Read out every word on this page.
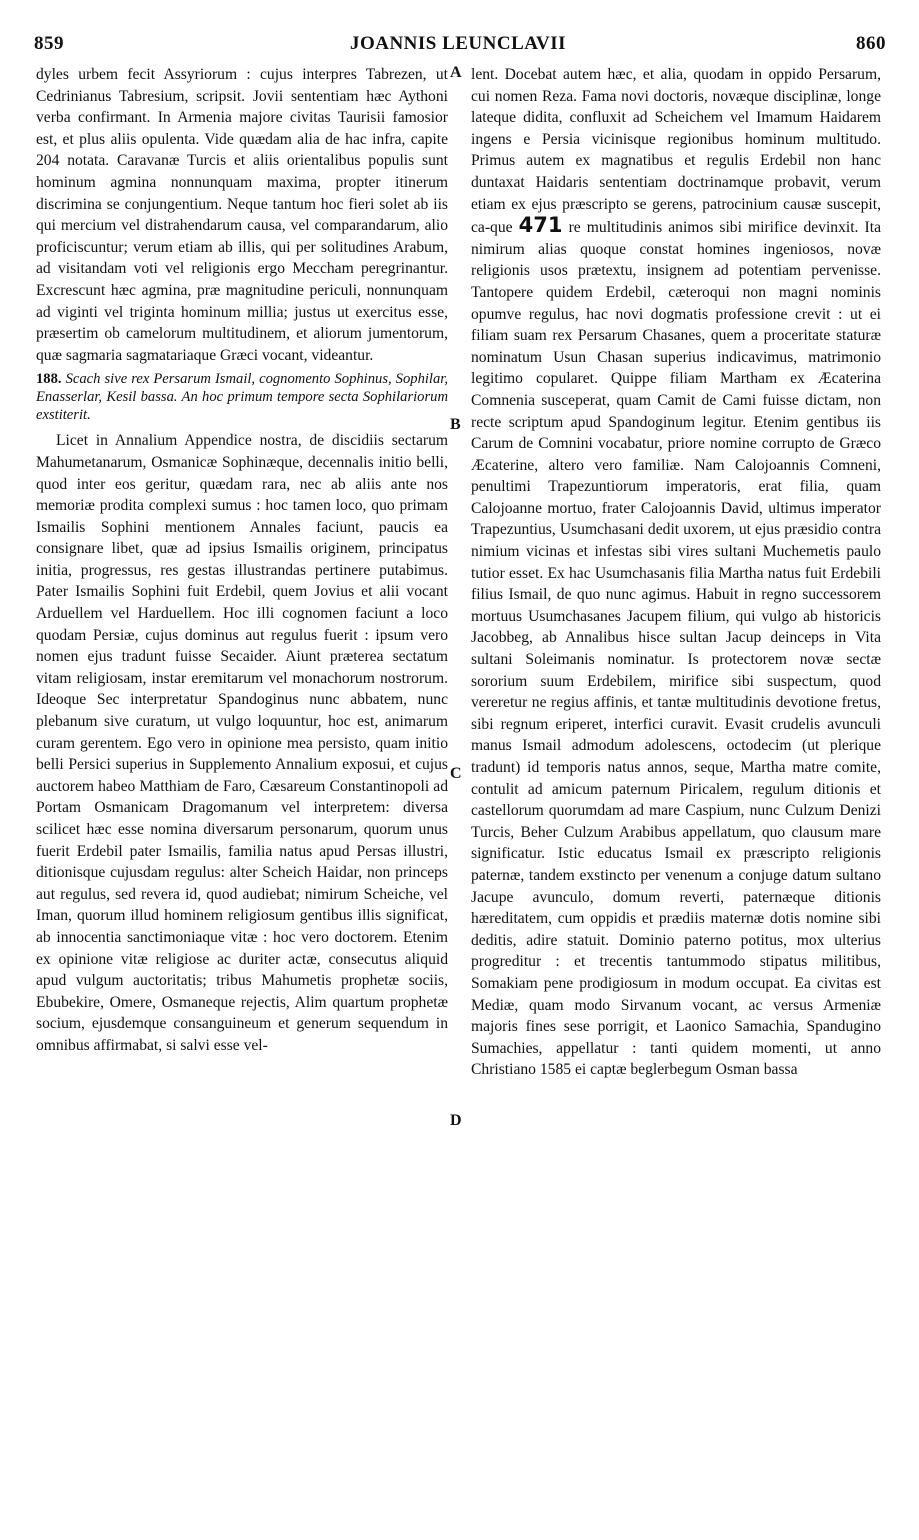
859	JOANNIS LEUNCLAVII	860
A
B
C
D

dyles urbem fecit Assyriorum : cujus interpres Tabrezen, ut Cedrinianus Tabresium, scripsit. Jovii sententiam hæc Aythoni verba confirmant. In Armenia majore civitas Taurisii famosior est, et plus aliis opulenta. Vide quædam alia de hac infra, capite 204 notata. Caravanæ Turcis et aliis orientalibus populis sunt hominum agmina nonnunquam maxima, propter itinerum discrimina se conjungentium. Neque tantum hoc fieri solet ab iis qui mercium vel distrahendarum causa, vel comparandarum, alio proficiscuntur; verum etiam ab illis, qui per solitudines Arabum, ad visitandam voti vel religionis ergo Meccham peregrinantur. Excrescunt hæc agmina, præ magnitudine periculi, nonnunquam ad viginti vel triginta hominum millia; justus ut exercitus esse, præsertim ob camelorum multitudinem, et aliorum jumentorum, quæ sagmaria sagmatariaque Græci vocant, videantur.

188. Scach sive rex Persarum Ismail, cognomento Sophinus, Sophilar, Enasserlar, Kesil bassa. An hoc primum tempore secta Sophilariorum exstiterit.

Licet in Annalium Appendice nostra, de discidiis sectarum Mahumetanarum, Osmanicæ Sophinæque, decennalis initio belli, quod inter eos geritur, quædam rara, nec ab aliis ante nos memoriæ prodita complexi sumus : hoc tamen loco, quo primam Ismailis Sophini mentionem Annales faciunt, paucis ea consignare libet, quæ ad ipsius Ismailis originem, principatus initia, progressus, res gestas illustrandas pertinere putabimus. Pater Ismailis Sophini fuit Erdebil, quem Jovius et alii vocant Arduellem vel Harduellem. Hoc illi cognomen faciunt a loco quodam Persiæ, cujus dominus aut regulus fuerit : ipsum vero nomen ejus tradunt fuisse Secaider. Aiunt præterea sectatum vitam religiosam, instar eremitarum vel monachorum nostrorum. Ideoque Sec interpretatur Spandoginus nunc abbatem, nunc plebanum sive curatum, ut vulgo loquuntur, hoc est, animarum curam gerentem. Ego vero in opinione mea persisto, quam initio belli Persici superius in Supplemento Annalium exposui, et cujus auctorem habeo Matthiam de Faro, Cæsareum Constantinopoli ad Portam Osmanicam Dragomanum vel interpretem: diversa scilicet hæc esse nomina diversarum personarum, quorum unus fuerit Erdebil pater Ismailis, familia natus apud Persas illustri, ditionisque cujusdam regulus: alter Scheich Haidar, non princeps aut regulus, sed revera id, quod audiebat; nimirum Scheiche, vel Iman, quorum illud hominem religiosum gentibus illis significat, ab innocentia sanctimoniaque vitæ : hoc vero doctorem. Etenim ex opinione vitæ religiose ac duriter actæ, consecutus aliquid apud vulgum auctoritatis; tribus Mahumetis prophetæ sociis, Ebubekire, Omere, Osmaneque rejectis, Alim quartum prophetæ socium, ejusdemque consanguineum et generum sequendum in omnibus affirmabat, si salvi esse vel-

lent. Docebat autem hæc, et alia, quodam in oppido Persarum, cui nomen Reza. Fama novi doctoris, novæque disciplinæ, longe lateque didita, confluxit ad Scheichem vel Imamum Haidarem ingens e Persia vicinisque regionibus hominum multitudo. Primus autem ex magnatibus et regulis Erdebil non hanc duntaxat Haidaris sententiam doctrinamque probavit, verum etiam ex ejus præscripto se gerens, patrocinium causæ suscepit, ca-que 471 re multitudinis animos sibi mirifice devinxit. Ita nimirum alias quoque constat homines ingeniosos, novæ religionis usos prætextu, insignem ad potentiam pervenisse. Tantopere quidem Erdebil, cæteroqui non magni nominis opumve regulus, hac novi dogmatis professione crevit : ut ei filiam suam rex Persarum Chasanes, quem a proceritate staturæ nominatum Usun Chasan superius indicavimus, matrimonio legitimo copularet. Quippe filiam Martham ex Æcaterina Comnenia susceperat, quam Camit de Cami fuisse dictam, non recte scriptum apud Spandoginum legitur. Etenim gentibus iis Carum de Comnini vocabatur, priore nomine corrupto de Græco Æcaterine, altero vero familiæ. Nam Calojoannis Comneni, penultimi Trapezuntiorum imperatoris, erat filia, quam Calojoanne mortuo, frater Calojoannis David, ultimus imperator Trapezuntius, Usumchasani dedit uxorem, ut ejus præsidio contra nimium vicinas et infestas sibi vires sultani Muchemetis paulo tutior esset. Ex hac Usumchasanis filia Martha natus fuit Erdebili filius Ismail, de quo nunc agimus. Habuit in regno successorem mortuus Usumchasanes Jacupem filium, qui vulgo ab historicis Jacobbeg, ab Annalibus hisce sultan Jacup deinceps in Vita sultani Soleimanis nominatur. Is protectorem novæ sectæ sororium suum Erdebilem, mirifice sibi suspectum, quod vereretur ne regius affinis, et tantæ multitudinis devotione fretus, sibi regnum eriperet, interfici curavit. Evasit crudelis avunculi manus Ismail admodum adolescens, octodecim (ut plerique tradunt) id temporis natus annos, seque, Martha matre comite, contulit ad amicum paternum Piricalem, regulum ditionis et castellorum quorumdam ad mare Caspium, nunc Culzum Denizi Turcis, Beher Culzum Arabibus appellatum, quo clausum mare significatur. Istic educatus Ismail ex præscripto religionis paternæ, tandem exstincto per venenum a conjuge datum sultano Jacupe avunculo, domum reverti, paternæque ditionis hæreditatem, cum oppidis et prædiis maternæ dotis nomine sibi deditis, adire statuit. Dominio paterno potitus, mox ulterius progreditur : et trecentis tantummodo stipatus militibus, Somakiam pene prodigiosum in modum occupat. Ea civitas est Mediæ, quam modo Sirvanum vocant, ac versus Armeniæ majoris fines sese porrigit, et Laonico Samachia, Spandugino Sumachies, appellatur : tanti quidem momenti, ut anno Christiano 1585 ei captæ beglerbegum Osman bassa
